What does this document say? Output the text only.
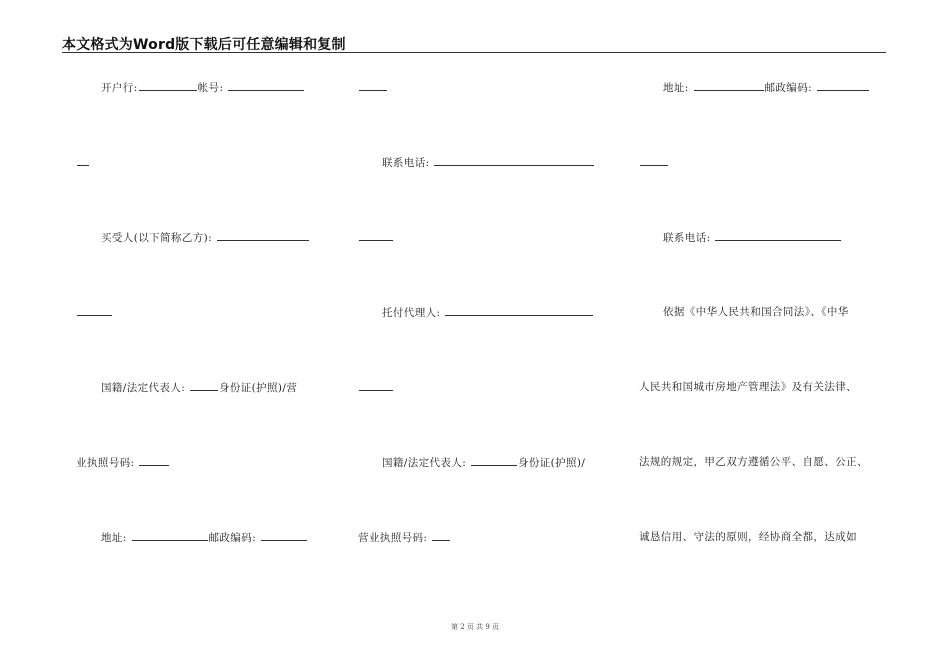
本文格式为Word版下载后可任意编辑和复制
开户行:	帐号:
买受人(以下简称乙方):
国籍/法定代表人:	身份证(护照)/营
业执照号码:
地址:	邮政编码:
联系电话:
托付代理人:
国籍/法定代表人:	身份证(护照)/
营业执照号码:
地址:	邮政编码:
联系电话:
依据《中华人民共和国合同法》、《中华
人民共和国城市房地产管理法》及有关法律、
法规的规定，甲乙双方遵循公平、自愿、公正、
诚恳信用、守法的原则，经协商全都，达成如
第 2 页 共 9 页
